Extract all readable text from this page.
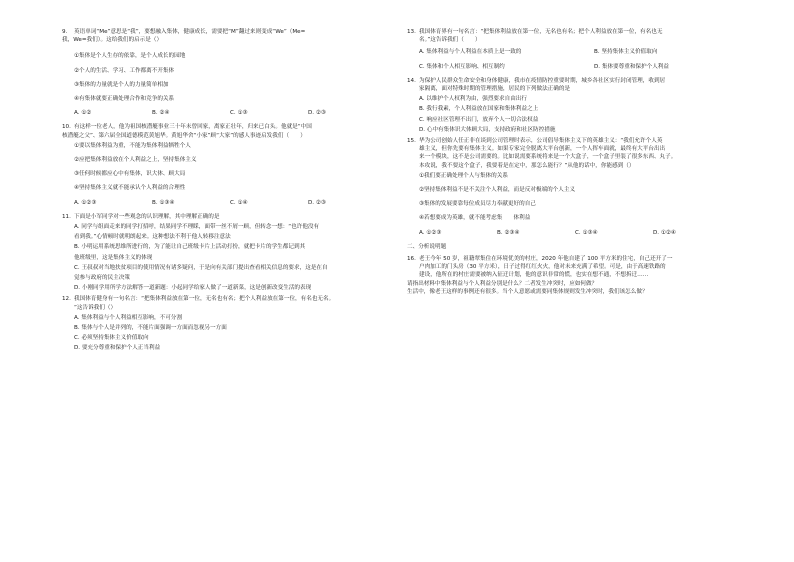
9. 英语单词“Me”意思是“我”，要想融入集体，健康成长，需要把“M”翻过来则变成“We”（Me=

我，We=我们）。这给我们的启示是（）

①集体是个人生存的依靠，是个人成长的园地

②个人的生活、学习、工作都离不开集体

③集体的力量就是个人的力量简单相加

④有集体就要正确处理合作和竞争的关系

A. ①②	B. ②④	C. ①③	D. ②③

10. 有这样一位老人，他为祖国核潜艇事业三十年未曾回家，离家正壮年，归来已白头。他就是“中国

核潜艇之父”、第六届全国道德模范黄旭华。黄旭华舍“小家”顾“大家”的感人事迹启发我们（　　）

①要以集体利益为重，不能为集体利益牺牲个人

②应把集体利益放在个人利益之上，坚持集体主义

③任何时候都应心中有集体，识大体、顾大局

④坚持集体主义就不能承认个人利益的合理性

A. ①②③	B. ①③④	C. ①④	D. ②③

11. 下面是小军同学对一些观念的认识理解，其中理解正确的是

A. 同学与组面走来的同学打招呼，结果同学不理睬，面带一丝不屑一顾，但转念一想：“也许他没有

看到我。”心情顿时就明朗起来。这种想法不利于他人转移注意法

B. 小明运用系统思维所进行的，为了能让自己班级卡片上活动打扮，就把卡片的学生都记到其

他班级里，这是集体主义的体现

C. 王叔叔对当地扶贫项目的使用情况有诸多疑问，于是向有关部门提出查看相关信息的要求，这是在自

觉参与政府的民主决策

D. 小刚同学用所学方法解答一道新题：小起同学给家人做了一道新菜，这是创新改变生活的表现

12. 我国体育健身有一句名言：“把集体利益放在第一位，无名也有名；把个人利益放在第一位，有名也无名。

”这告诉我们（）

A. 集体利益与个人利益相互影响，不可分割

B. 集体与个人是并列的，不能片面强调一方面而忽视另一方面

C. 必须坚持集体主义价值取向

D. 要充分尊重和保护个人正当利益

13. 我国体育界有一句名言：“把集体利益放在第一位，无名也有名；把个人利益放在第一位，有名也无

名。”这告诉我们（　　）

A. 集体利益与个人利益在本质上是一致的	B. 坚持集体主义价值取向
C. 集体和个人相互影响、相互制约	D. 集体要尊重和保护个人利益

14. 为保护人民群众生命安全和身体健康，我市在疫情防控重要时期，城乡各社区实行封闭管理，收到居

家隔离，面对特殊时期的管理措施，居民的下列做法正确的是

A. 以维护个人权利为由，强烈要求自由出行

B. 我行我素，个人利益放在国家和集体利益之上

C. 响应社区管理不出门，放弃个人一切合法权益

D. 心中有集体识大体顾大局，支持政府和社区防控措施

15. 华为公司创始人任正非在谈到公司管理时表示，公司倡导集体主义下的英雄主义：“我们允许个人英

雄主义，但你先要有集体主义。如果专家完全脱离大平台创新，一个人挥车面就，最终有大平台出出

来一个模块，这不是公司需要的。比如说需要系统将来是一个大盒子，一个盒子里装了很多东西、丸子。

本攻说，我不要这个盒子，我要着是在定中，那怎么能行？”从他的话中，你能感到（）

①我们要正确处理个人与集体的关系

②坚持集体利益不是不关注个人利益，而是反对极端的个人主义

③集体的发展要靠每位成员尽力奉献更好的自己

④若想要成为英雄，就不能考虑集　　体利益

A. ①②③	B. ②③④	C. ①③④	D. ①②④

二、分析说明题

16. 老王今年 50 岁，祖籍翠集住在环境优美的村庄，2020 年他自建了 100 平方米的住宅，自己还开了一

户肉加工的门头房（30 平方米），日子过得红红火火，他对未来充满了希望。可是，由于高速铁路的

建设，他所在的村庄需要被纳入征迁计划，他的意识非常的慌，也实在想不通，不想拆迁……

请指出材料中集体利益与个人利益分别是什么？二者发生冲突时，应如何做？

生活中，像老王这样的事例还有很多。当个人意愿或需要同集体规则发生冲突时，我们该怎么做？
